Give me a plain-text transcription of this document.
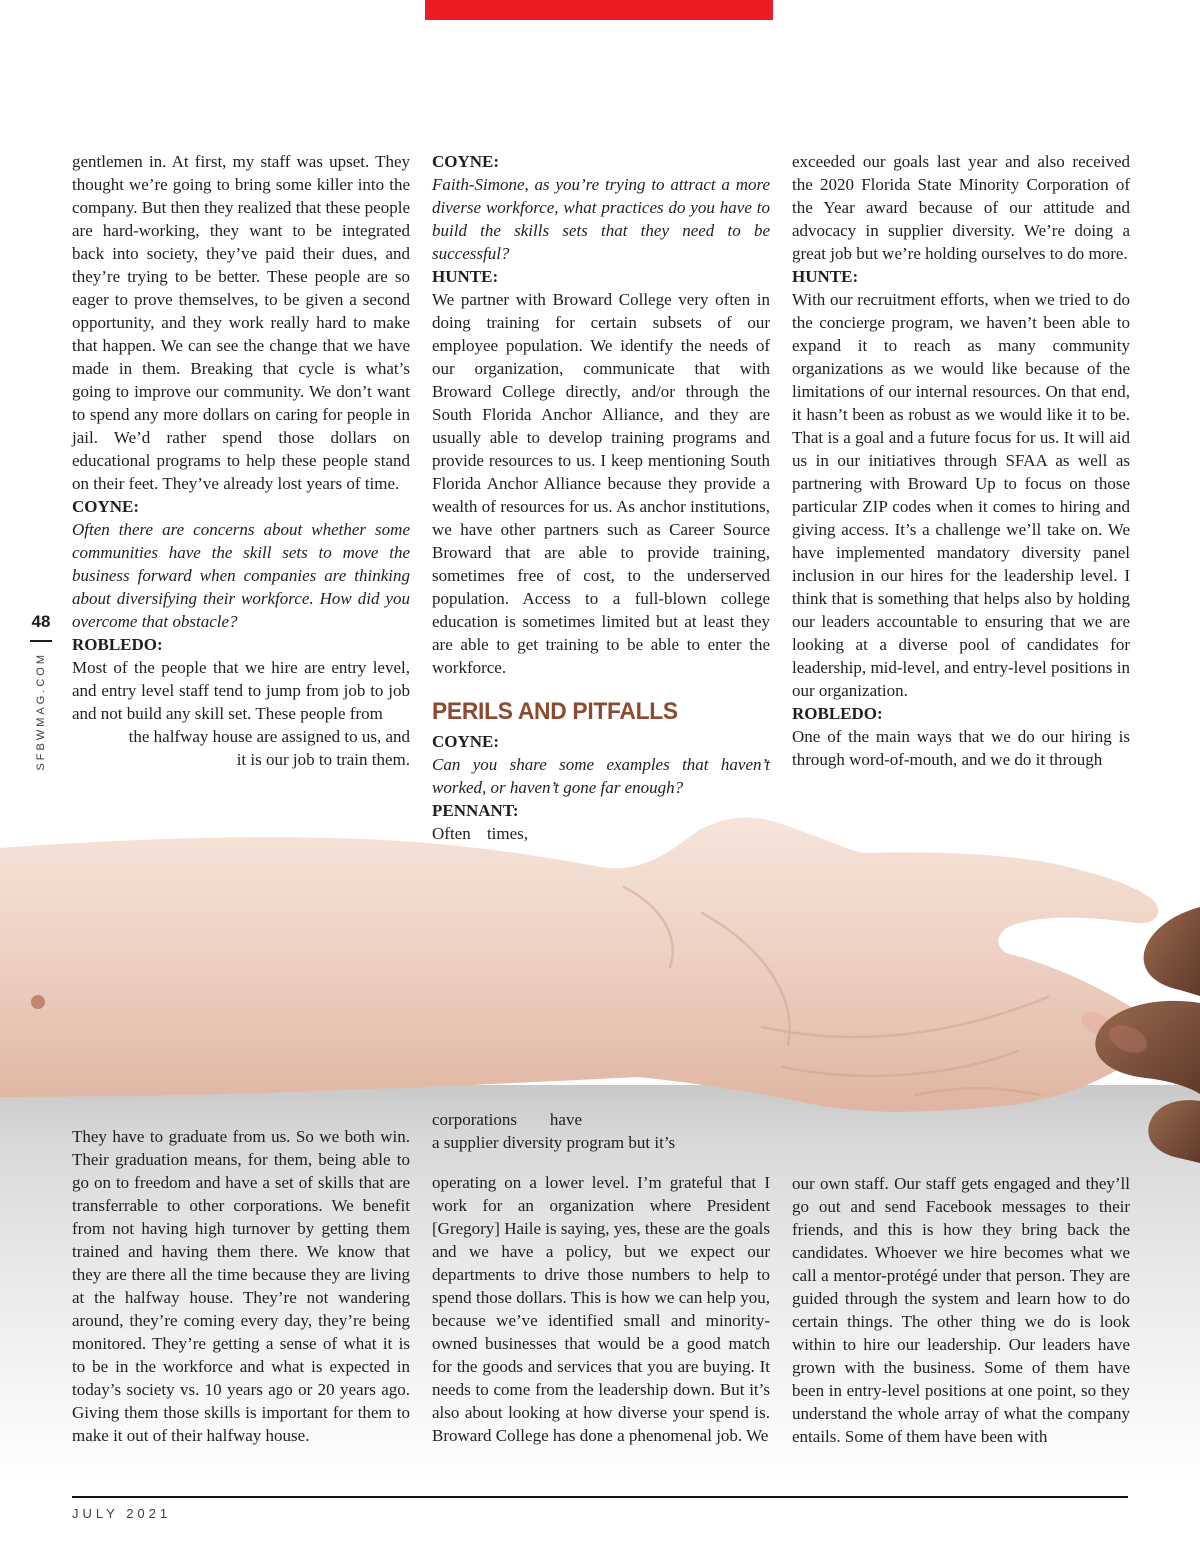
48
SFBWMAG.COM

gentlemen in. At first, my staff was upset. They thought we’re going to bring some killer into the company. But then they realized that these people are hard-working, they want to be integrated back into society, they’ve paid their dues, and they’re trying to be better. These people are so eager to prove themselves, to be given a second opportunity, and they work really hard to make that happen. We can see the change that we have made in them. Breaking that cycle is what’s going to improve our community. We don’t want to spend any more dollars on caring for people in jail. We’d rather spend those dollars on educational programs to help these people stand on their feet. They’ve already lost years of time.

COYNE:

Often there are concerns about whether some communities have the skill sets to move the business forward when companies are thinking about diversifying their workforce. How did you overcome that obstacle?

ROBLEDO:

Most of the people that we hire are entry level, and entry level staff tend to jump from job to job and not build any skill set. These people from

the halfway house are assigned to us, and
it is our job to train them.

COYNE:

Faith-Simone, as you’re trying to attract a more diverse workforce, what practices do you have to build the skills sets that they need to be successful?

HUNTE:

We partner with Broward College very often in doing training for certain subsets of our employee population. We identify the needs of our organization, communicate that with Broward College directly, and/or through the South Florida Anchor Alliance, and they are usually able to develop training programs and provide resources to us. I keep mentioning South Florida Anchor Alliance because they provide a wealth of resources for us. As anchor institutions, we have other partners such as Career Source Broward that are able to provide training, sometimes free of cost, to the underserved population. Access to a full-blown college education is sometimes limited but at least they are able to get training to be able to enter the workforce.

PERILS AND PITFALLS

COYNE:

Can you share some examples that haven’t worked, or haven’t gone far enough?

PENNANT:

Often times,

exceeded our goals last year and also received the 2020 Florida State Minority Corporation of the Year award because of our attitude and advocacy in supplier diversity. We’re doing a great job but we’re holding ourselves to do more.

HUNTE:

With our recruitment efforts, when we tried to do the concierge program, we haven’t been able to expand it to reach as many community organizations as we would like because of the limitations of our internal resources. On that end, it hasn’t been as robust as we would like it to be. That is a goal and a future focus for us. It will aid us in our initiatives through SFAA as well as partnering with Broward Up to focus on those particular ZIP codes when it comes to hiring and giving access. It’s a challenge we’ll take on. We have implemented mandatory diversity panel inclusion in our hires for the leadership level. I think that is something that helps also by holding our leaders accountable to ensuring that we are looking at a diverse pool of candidates for leadership, mid-level, and entry-level positions in our organization.

ROBLEDO:

One of the main ways that we do our hiring is through word-of-mouth, and we do it through

They have to graduate from us. So we both win. Their graduation means, for them, being able to go on to freedom and have a set of skills that are transferrable to other corporations. We benefit from not having high turnover by getting them trained and having them there. We know that they are there all the time because they are living at the halfway house. They’re not wandering around, they’re coming every day, they’re being monitored. They’re getting a sense of what it is to be in the workforce and what is expected in today’s society vs. 10 years ago or 20 years ago. Giving them those skills is important for them to make it out of their halfway house.

corporations have
a supplier diversity program but it’s

operating on a lower level. I’m grateful that I work for an organization where President [Gregory] Haile is saying, yes, these are the goals and we have a policy, but we expect our departments to drive those numbers to help to spend those dollars. This is how we can help you, because we’ve identified small and minority-owned businesses that would be a good match for the goods and services that you are buying. It needs to come from the leadership down. But it’s also about looking at how diverse your spend is. Broward College has done a phenomenal job. We

our own staff. Our staff gets engaged and they’ll go out and send Facebook messages to their friends, and this is how they bring back the candidates. Whoever we hire becomes what we call a mentor-protégé under that person. They are guided through the system and learn how to do certain things. The other thing we do is look within to hire our leadership. Our leaders have grown with the business. Some of them have been in entry-level positions at one point, so they understand the whole array of what the company entails. Some of them have been with

JULY 2021
